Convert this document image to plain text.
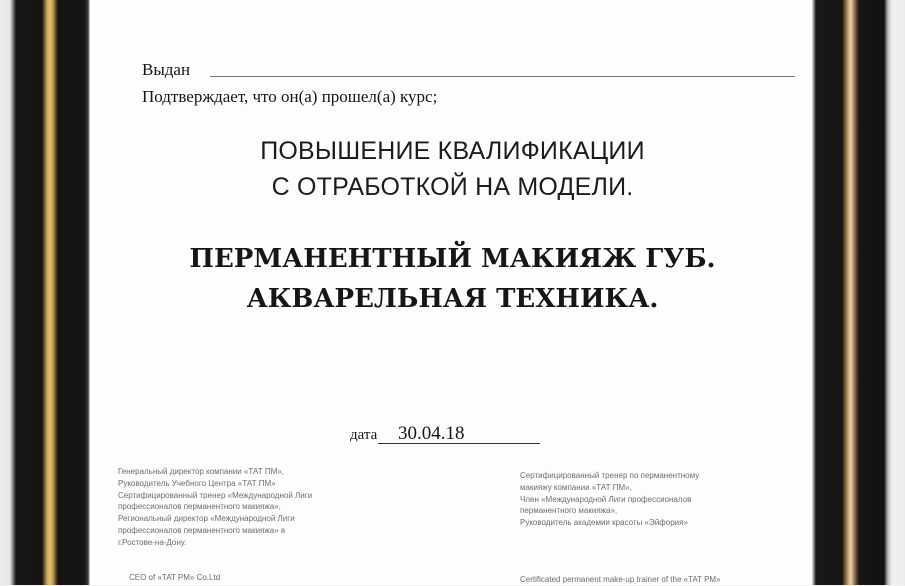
Выдан
Подтверждает, что он(а) прошел(а) курс;
ПОВЫШЕНИЕ КВАЛИФИКАЦИИ
С ОТРАБОТКОЙ НА МОДЕЛИ.
ПЕРМАНЕНТНЫЙ МАКИЯЖ ГУБ.
АКВАРЕЛЬНАЯ ТЕХНИКА.
дата 30.04.18
Генеральный директор компании «ТАТ ПМ»,
Руководитель Учебного Центра «ТАТ ПМ»
Сертифицированный тренер «Международной Лиги
профессионалов перманентного макияжа»,
Региональный директор «Международной Лиги
профессионалов перманентного макияжа» в
г.Ростове-на-Дону.
CEO of «TAT PM» Co.Ltd
Сертифицированный тренер по перманентному
макияжу компании «ТАТ ПМ»,
Член «Международной Лиги профессионалов
перманентного макияжа»,
Руководитель академии красоты «Эйфория»
Certificated permanent make-up trainer of the «TAT PM»
